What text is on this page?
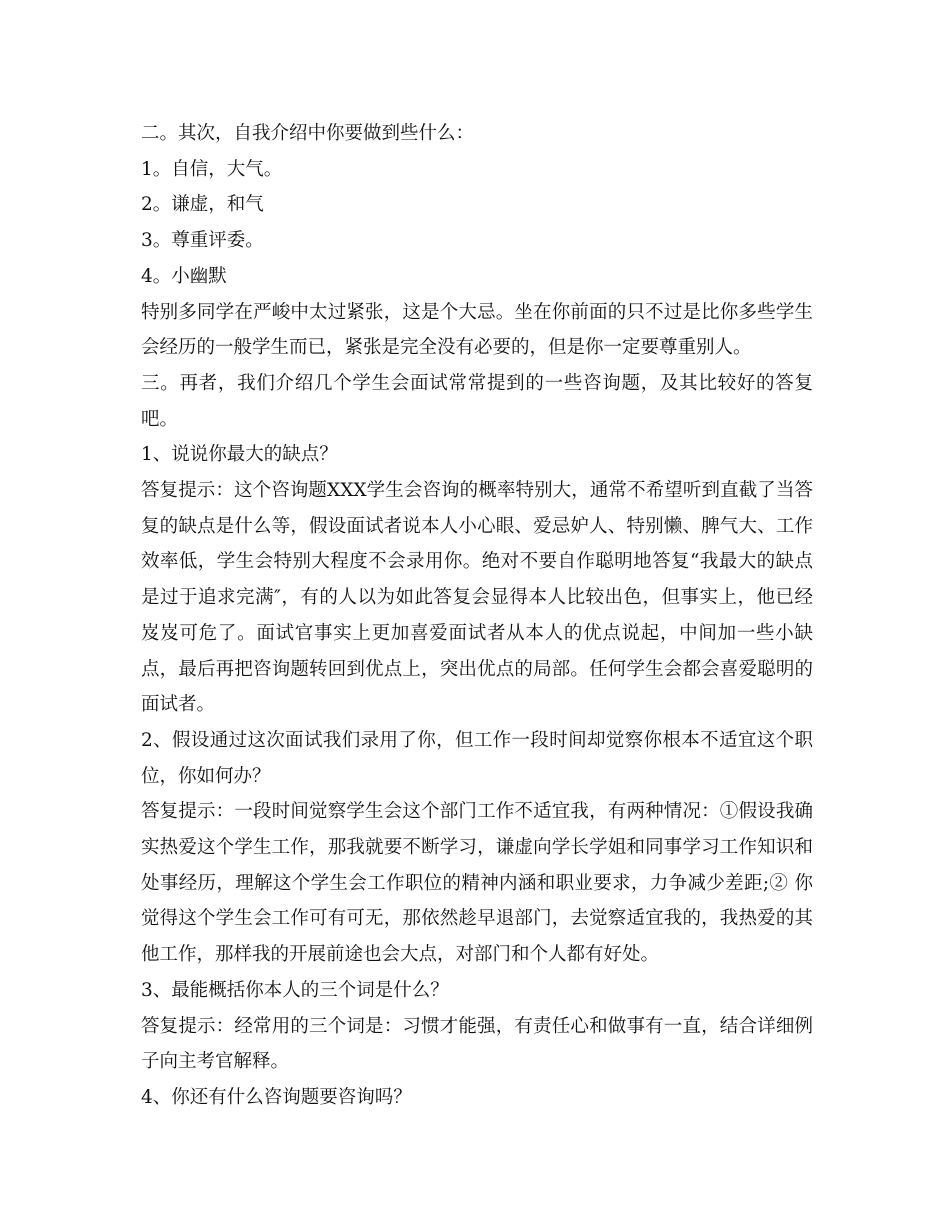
二。其次，自我介绍中你要做到些什么：

1。自信，大气。

2。谦虚，和气

3。尊重评委。

4。小幽默

特别多同学在严峻中太过紧张，这是个大忌。坐在你前面的只不过是比你多些学生会经历的一般学生而已，紧张是完全没有必要的，但是你一定要尊重别人。

三。再者，我们介绍几个学生会面试常常提到的一些咨询题，及其比较好的答复吧。

1、说说你最大的缺点？

答复提示：这个咨询题XXX学生会咨询的概率特别大，通常不希望听到直截了当答复的缺点是什么等，假设面试者说本人小心眼、爱忌妒人、特别懒、脾气大、工作效率低，学生会特别大程度不会录用你。绝对不要自作聪明地答复“我最大的缺点是过于追求完满″，有的人以为如此答复会显得本人比较出色，但事实上，他已经岌岌可危了。面试官事实上更加喜爱面试者从本人的优点说起，中间加一些小缺点，最后再把咨询题转回到优点上，突出优点的局部。任何学生会都会喜爱聪明的面试者。

2、假设通过这次面试我们录用了你，但工作一段时间却觉察你根本不适宜这个职位，你如何办？

答复提示：一段时间觉察学生会这个部门工作不适宜我，有两种情况：①假设我确实热爱这个学生工作，那我就要不断学习，谦虚向学长学姐和同事学习工作知识和处事经历，理解这个学生会工作职位的精神内涵和职业要求，力争减少差距;② 你觉得这个学生会工作可有可无，那依然趁早退部门，去觉察适宜我的，我热爱的其他工作，那样我的开展前途也会大点，对部门和个人都有好处。

3、最能概括你本人的三个词是什么？

答复提示：经常用的三个词是：习惯才能强，有责任心和做事有一直，结合详细例子向主考官解释。

4、你还有什么咨询题要咨询吗？
